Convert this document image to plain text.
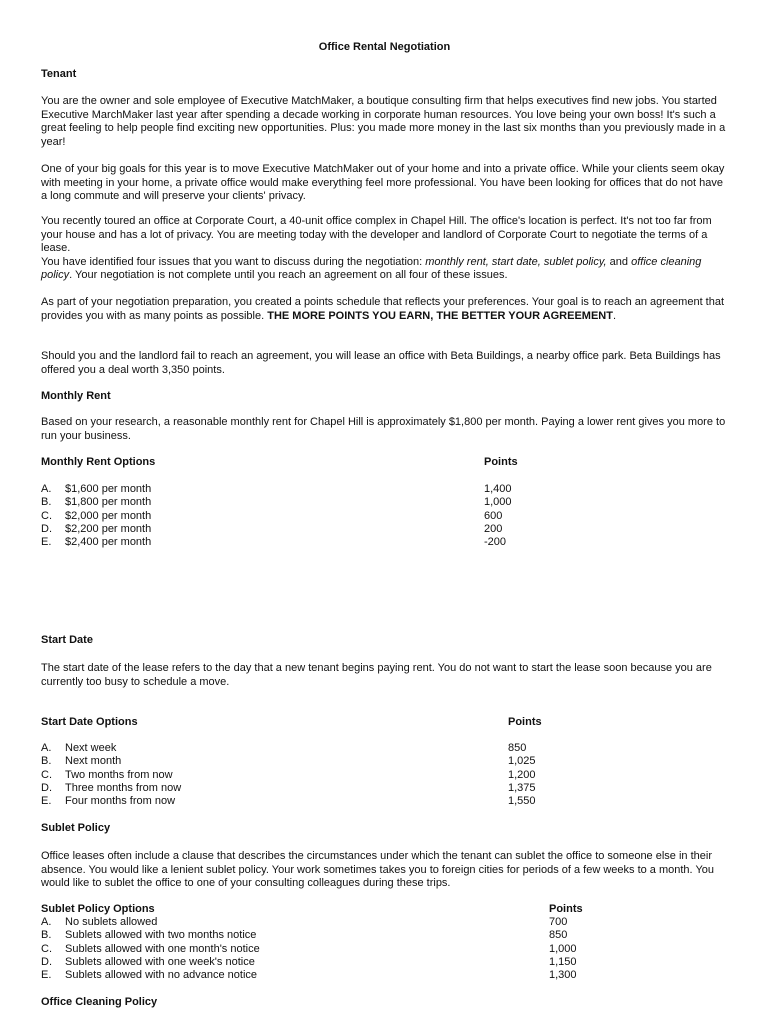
Office Rental Negotiation
Tenant

You are the owner and sole employee of Executive MatchMaker, a boutique consulting firm that helps executives find new jobs. You started Executive MarchMaker last year after spending a decade working in corporate human resources. You love being your own boss! It's such a great feeling to help people find exciting new opportunities. Plus: you made more money in the last six months than you previously made in a year!

One of your big goals for this year is to move Executive MatchMaker out of your home and into a private office. While your clients seem okay with meeting in your home, a private office would make everything feel more professional. You have been looking for offices that do not have a long commute and will preserve your clients' privacy.

You recently toured an office at Corporate Court, a 40-unit office complex in Chapel Hill. The office's location is perfect. It's not too far from your house and has a lot of privacy. You are meeting today with the developer and landlord of Corporate Court to negotiate the terms of a lease.
You have identified four issues that you want to discuss during the negotiation: monthly rent, start date, sublet policy, and office cleaning policy. Your negotiation is not complete until you reach an agreement on all four of these issues.

As part of your negotiation preparation, you created a points schedule that reflects your preferences. Your goal is to reach an agreement that provides you with as many points as possible. THE MORE POINTS YOU EARN, THE BETTER YOUR AGREEMENT.

Should you and the landlord fail to reach an agreement, you will lease an office with Beta Buildings, a nearby office park. Beta Buildings has offered you a deal worth 3,350 points.

Monthly Rent

Based on your research, a reasonable monthly rent for Chapel Hill is approximately $1,800 per month. Paying a lower rent gives you more to run your business.

Monthly Rent Options	Points
A. $1,600 per month	1,400
B. $1,800 per month	1,000
C. $2,000 per month	600
D. $2,200 per month	200
E. $2,400 per month	-200
Start Date

The start date of the lease refers to the day that a new tenant begins paying rent. You do not want to start the lease soon because you are currently too busy to schedule a move.

Start Date Options	Points
A. Next week	850
B. Next month	1,025
C. Two months from now	1,200
D. Three months from now	1,375
E. Four months from now	1,550
Sublet Policy

Office leases often include a clause that describes the circumstances under which the tenant can sublet the office to someone else in their absence. You would like a lenient sublet policy. Your work sometimes takes you to foreign cities for periods of a few weeks to a month. You would like to sublet the office to one of your consulting colleagues during these trips.

Sublet Policy Options	Points
A. No sublets allowed	700
B. Sublets allowed with two months notice	850
C. Sublets allowed with one month's notice	1,000
D. Sublets allowed with one week's notice	1,150
E. Sublets allowed with no advance notice	1,300
Office Cleaning Policy
